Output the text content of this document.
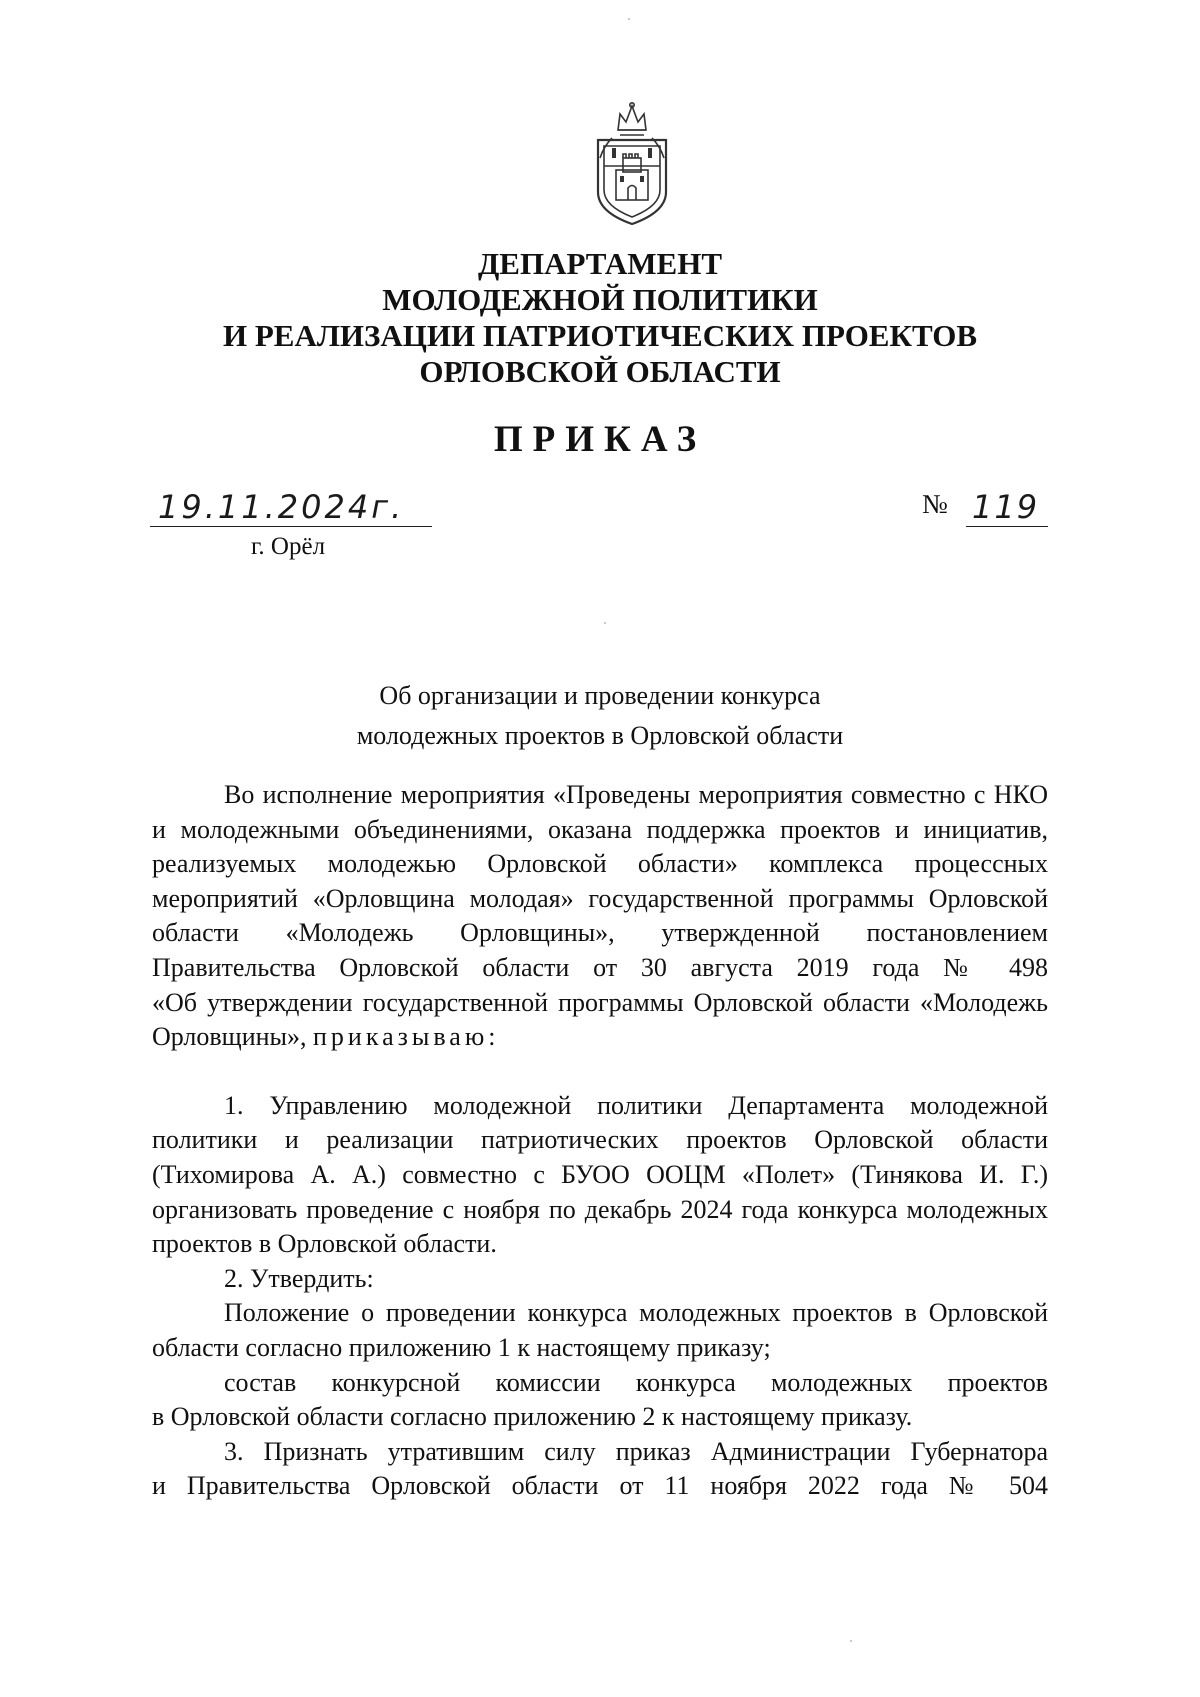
ДЕПАРТАМЕНТ
МОЛОДЕЖНОЙ ПОЛИТИКИ
И РЕАЛИЗАЦИИ ПАТРИОТИЧЕСКИХ ПРОЕКТОВ
ОРЛОВСКОЙ ОБЛАСТИ
ПРИКАЗ
19.11.2024г.
г. Орёл
№ 119
Об организации и проведении конкурса
молодежных проектов в Орловской области
Во исполнение мероприятия «Проведены мероприятия совместно с НКО
и молодежными объединениями, оказана поддержка проектов и инициатив,
реализуемых молодежью Орловской области» комплекса процессных
мероприятий «Орловщина молодая» государственной программы Орловской
области «Молодежь Орловщины», утвержденной постановлением
Правительства Орловской области от 30 августа 2019 года № 498
«Об утверждении государственной программы Орловской области «Молодежь
Орловщины», приказываю:
1. Управлению молодежной политики Департамента молодежной
политики и реализации патриотических проектов Орловской области
(Тихомирова А. А.) совместно с БУОО ООЦМ «Полет» (Тинякова И. Г.)
организовать проведение с ноября по декабрь 2024 года конкурса молодежных
проектов в Орловской области.
2. Утвердить:
Положение о проведении конкурса молодежных проектов в Орловской
области согласно приложению 1 к настоящему приказу;
состав конкурсной комиссии конкурса молодежных проектов
в Орловской области согласно приложению 2 к настоящему приказу.
3. Признать утратившим силу приказ Администрации Губернатора
и Правительства Орловской области от 11 ноября 2022 года № 504
